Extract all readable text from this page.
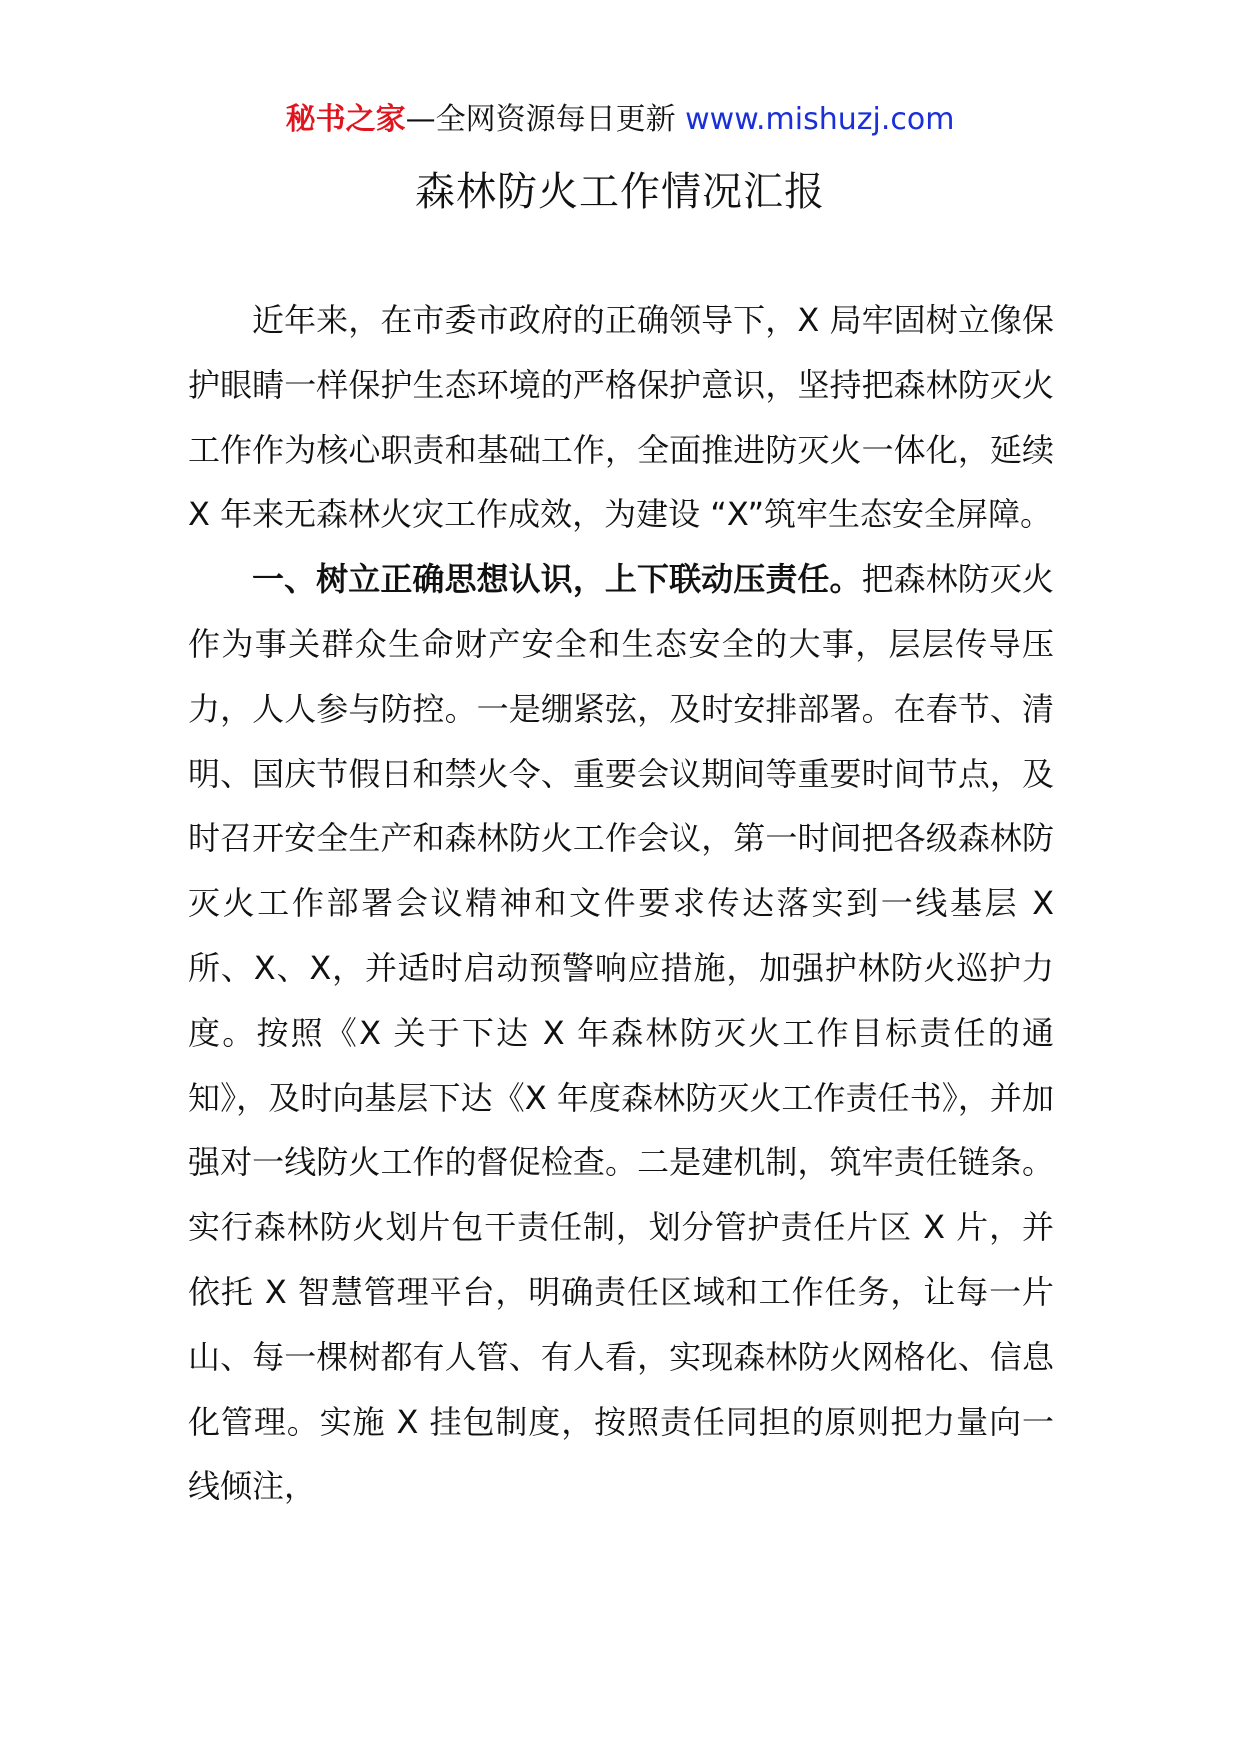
秘书之家—全网资源每日更新 www.mishuzj.com
森林防火工作情况汇报

近年来，在市委市政府的正确领导下，X 局牢固树立像保护眼睛一样保护生态环境的严格保护意识，坚持把森林防灭火工作作为核心职责和基础工作，全面推进防灭火一体化，延续 X 年来无森林火灾工作成效，为建设 “X”筑牢生态安全屏障。

一、树立正确思想认识，上下联动压责任。把森林防灭火作为事关群众生命财产安全和生态安全的大事，层层传导压力，人人参与防控。一是绷紧弦，及时安排部署。在春节、清明、国庆节假日和禁火令、重要会议期间等重要时间节点，及时召开安全生产和森林防火工作会议，第一时间把各级森林防灭火工作部署会议精神和文件要求传达落实到一线基层 X 所、X、X，并适时启动预警响应措施，加强护林防火巡护力度。按照《X 关于下达 X 年森林防灭火工作目标责任的通知》，及时向基层下达《X 年度森林防灭火工作责任书》，并加强对一线防火工作的督促检查。二是建机制，筑牢责任链条。实行森林防火划片包干责任制，划分管护责任片区 X 片，并依托 X 智慧管理平台，明确责任区域和工作任务，让每一片山、每一棵树都有人管、有人看，实现森林防火网格化、信息化管理。实施 X 挂包制度，按照责任同担的原则把力量向一线倾注，
